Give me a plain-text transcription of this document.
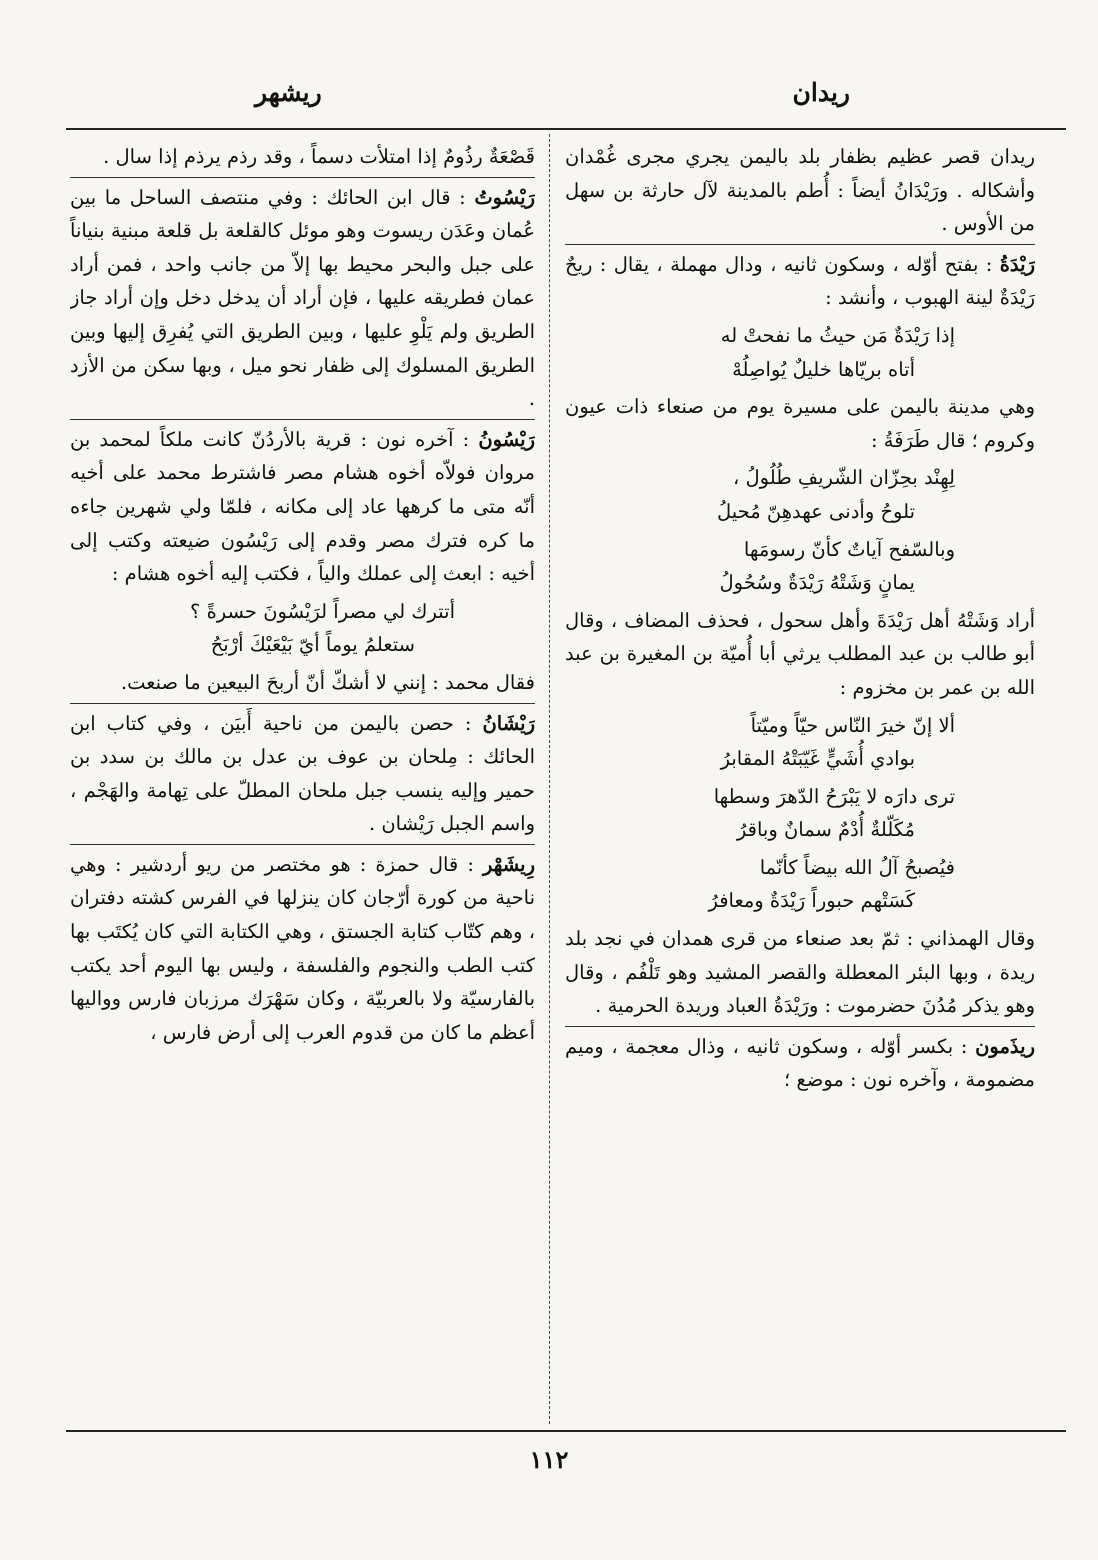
ريدان
ريشهر

ريدان قصر عظيم بظفار بلد باليمن يجري مجرى غُمْدان وأشكاله . ورَيْدَانُ أيضاً : أُطم بالمدينة لآل حارثة بن سهل من الأوس .

رَيْدَةُ : بفتح أوّله ، وسكون ثانيه ، ودال مهملة ، يقال : ريحٌ رَيْدَةٌ لينة الهبوب ، وأنشد :
إذا رَيْدَةٌ مَن حيثُ ما نفحتْ له
أتاه بريّاها خليلٌ يُواصِلُهْ
وهي مدينة باليمن على مسيرة يوم من صنعاء ذات عيون وكروم ؛ قال طَرَفَةُ :
لِهِنْد بحِزّان الشّريفِ طُلُولُ ،
تلوحُ وأدنى عهدهِنّ مُحيلُ
وبالسّفح آياتٌ كأنّ رسومَها
يمانٍ وَشَتْهُ رَيْدَةٌ وسُحُولُ
أراد وَشَتْهُ أهل رَيْدَةَ وأهل سحول ، فحذف المضاف ، وقال أبو طالب بن عبد المطلب يرثي أبا أُميّة بن المغيرة بن عبد الله بن عمر بن مخزوم :
ألا إنّ خيرَ النّاس حيّاً وميّتاً
بوادي أُشَيٍّ غَيّبَتْهُ المقابرُ
ترى دارَه لا يَبْرَحُ الدّهرَ وسطها
مُكَلّلةٌ أُدْمٌ سمانٌ وباقرُ
فيُصبحُ آلُ الله بيضاً كأنّما
كَسَتْهم حبوراً رَيْدَةٌ ومعافرُ
وقال الهمذاني : ثمّ بعد صنعاء من قرى همدان في نجد بلد ريدة ، وبها البئر المعطلة والقصر المشيد وهو تَلْفُم ، وقال وهو يذكر مُدُنَ حضرموت : ورَيْدَةُ العباد وريدة الحرمية .

ريذَمون : بكسر أوّله ، وسكون ثانيه ، وذال معجمة ، وميم مضمومة ، وآخره نون : موضع ؛

قَصْعَةٌ رذُومٌ إذا امتلأت دسماً ، وقد رذم يرذم إذا سال .

رَيْسُوتُ : قال ابن الحائك : وفي منتصف الساحل ما بين عُمان وعَدَن ريسوت وهو موئل كالقلعة بل قلعة مبنية بنياناً على جبل والبحر محيط بها إلاّ من جانب واحد ، فمن أراد عمان فطريقه عليها ، فإن أراد أن يدخل دخل وإن أراد جاز الطريق ولم يَلْوِ عليها ، وبين الطريق التي يُفرِق إليها وبين الطريق المسلوك إلى ظفار نحو ميل ، وبها سكن من الأزد .

رَيْسُونُ : آخره نون : قرية بالأردُنّ كانت ملكاً لمحمد بن مروان فولاّه أخوه هشام مصر فاشترط محمد على أخيه أنّه متى ما كرهها عاد إلى مكانه ، فلمّا ولي شهرين جاءه ما كره فترك مصر وقدم إلى رَيْسُون ضيعته وكتب إلى أخيه : ابعث إلى عملك والياً ، فكتب إليه أخوه هشام :
أتترك لي مصراً لرَيْسُونَ حسرةً ؟
ستعلمُ يوماً أيّ بَيْعَيْكَ أرْبَحُ
فقال محمد : إنني لا أشكّ أنّ أربحَ البيعين ما صنعت.

رَيْشَانُ : حصن باليمن من ناحية أَبيَن ، وفي كتاب ابن الحائك : مِلحان بن عوف بن عدل بن مالك بن سدد بن حمير وإليه ينسب جبل ملحان المطلّ على تِهامة والهَجْم ، واسم الجبل رَيْشان .

رِيشَهْر : قال حمزة : هو مختصر من ريو أردشير : وهي ناحية من كورة أرّجان كان ينزلها في الفرس كشته دفتران ، وهم كتّاب كتابة الجستق ، وهي الكتابة التي كان يُكتَب بها كتب الطب والنجوم والفلسفة ، وليس بها اليوم أحد يكتب بالفارسيّة ولا بالعربيّة ، وكان سَهْرَك مرزبان فارس وواليها أعظم ما كان من قدوم العرب إلى أرض فارس ،

١١٢
